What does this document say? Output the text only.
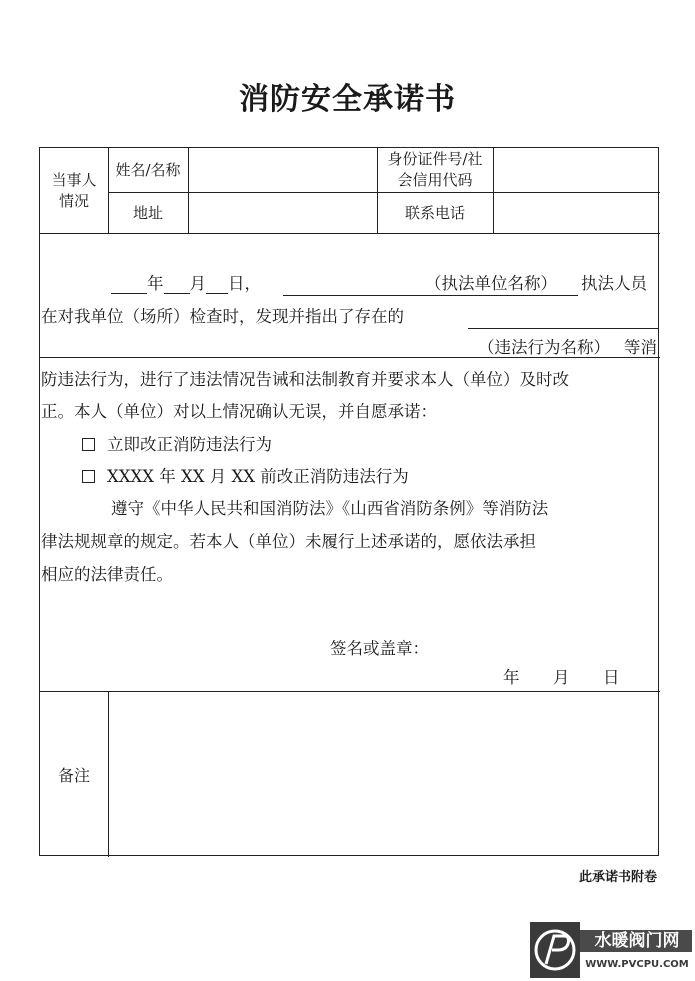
消防安全承诺书
当事人
情况
姓名/名称
身份证件号/社
会信用代码
地址	联系电话
年 月 日，	（执法单位名称） 执法人员
在对我单位（场所）检查时，发现并指出了存在的
（违法行为名称） 等消
防违法行为，进行了违法情况告诫和法制教育并要求本人（单位）及时改
正。本人（单位）对以上情况确认无误，并自愿承诺：
立即改正消防违法行为
XXXX 年 XX 月 XX 前改正消防违法行为
遵守《中华人民共和国消防法》《山西省消防条例》等消防法
律法规规章的规定。若本人（单位）未履行上述承诺的，愿依法承担
相应的法律责任。
签名或盖章：
年 月 日
备注
此承诺书附卷
水暖阀门网
WWW.PVCPU.COM
